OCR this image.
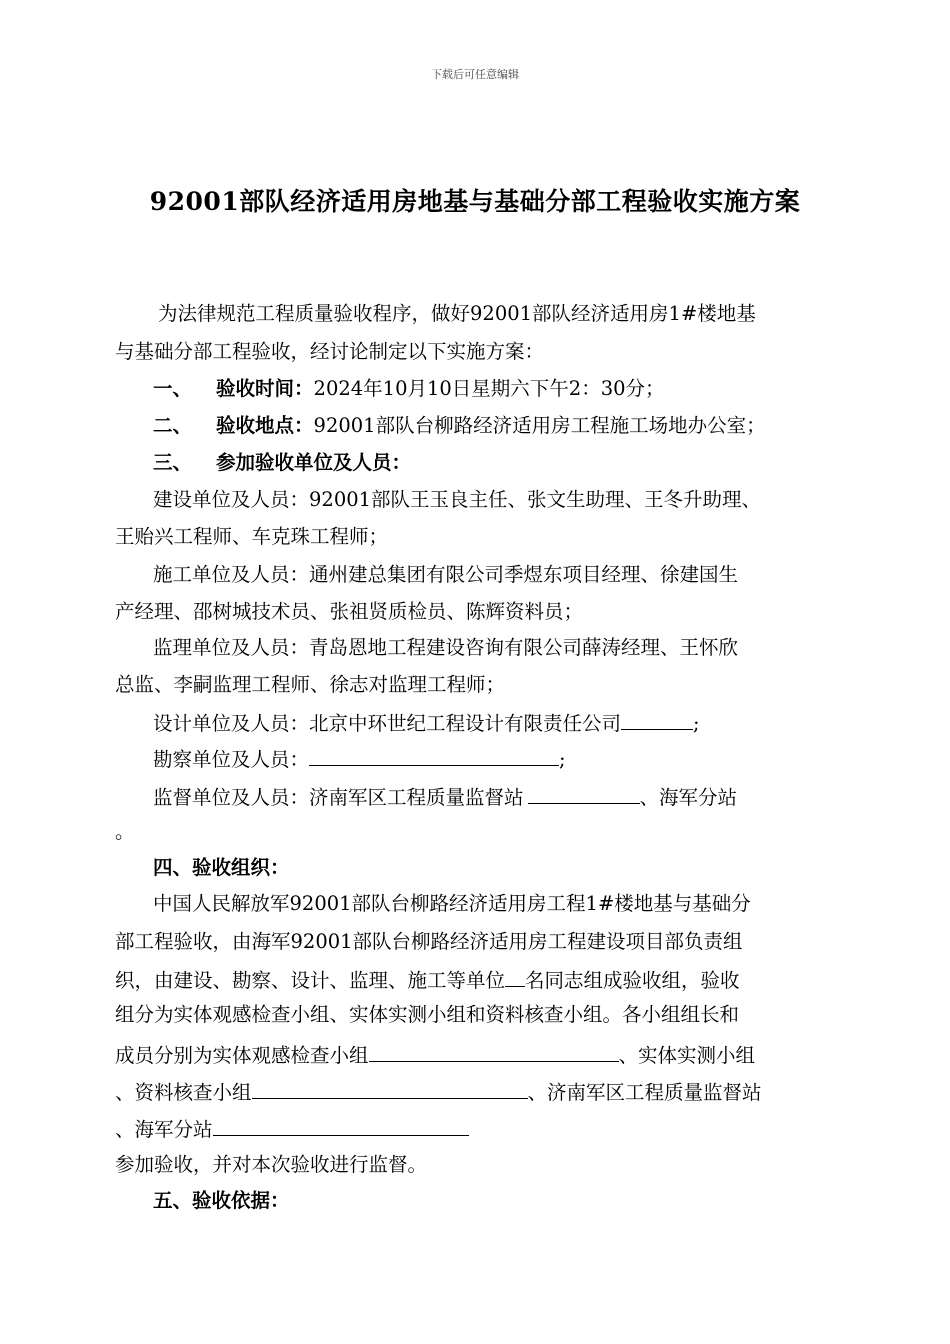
下载后可任意编辑
92001部队经济适用房地基与基础分部工程验收实施方案
为法律规范工程质量验收程序，做好92001部队经济适用房1#楼地基
与基础分部工程验收，经讨论制定以下实施方案：
一、 验收时间：2024年10月10日星期六下午2：30分；
二、 验收地点：92001部队台柳路经济适用房工程施工场地办公室；
三、 参加验收单位及人员：
建设单位及人员：92001部队王玉良主任、张文生助理、王冬升助理、
王贻兴工程师、车克珠工程师；
施工单位及人员：通州建总集团有限公司季煜东项目经理、徐建国生
产经理、邵树城技术员、张祖贤质检员、陈辉资料员；
监理单位及人员：青岛恩地工程建设咨询有限公司薛涛经理、王怀欣
总监、李嗣监理工程师、徐志对监理工程师；
设计单位及人员：北京中环世纪工程设计有限责任公司	;
勘察单位及人员：	;
监督单位及人员：济南军区工程质量监督站	、海军分站
。
四、验收组织：
中国人民解放军92001部队台柳路经济适用房工程1#楼地基与基础分
部工程验收，由海军92001部队台柳路经济适用房工程建设项目部负责组
织，由建设、勘察、设计、监理、施工等单位 名同志组成验收组，验收
组分为实体观感检查小组、实体实测小组和资料核查小组。各小组组长和
成员分别为实体观感检查小组	、实体实测小组
、资料核查小组	、济南军区工程质量监督站
、海军分站
参加验收，并对本次验收进行监督。
五、验收依据：
